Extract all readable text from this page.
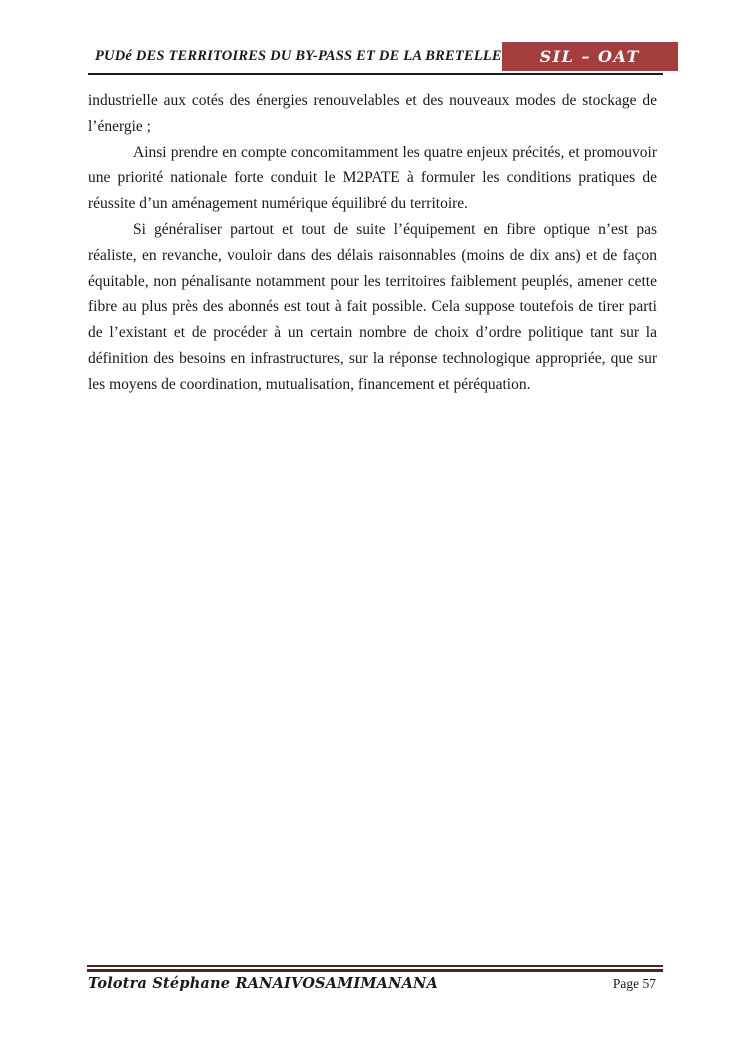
PUDé DES TERRITOIRES DU BY-PASS ET DE LA BRETELLE	SIL – OAT

industrielle aux cotés des énergies renouvelables et des nouveaux modes de stockage de l’énergie ;

Ainsi prendre en compte concomitamment les quatre enjeux précités, et promouvoir une priorité nationale forte conduit le M2PATE à formuler les conditions pratiques de réussite d’un aménagement numérique équilibré du territoire.

Si généraliser partout et tout de suite l’équipement en fibre optique n’est pas réaliste, en revanche, vouloir dans des délais raisonnables (moins de dix ans) et de façon équitable, non pénalisante notamment pour les territoires faiblement peuplés, amener cette fibre au plus près des abonnés est tout à fait possible. Cela suppose toutefois de tirer parti de l’existant et de procéder à un certain nombre de choix d’ordre politique tant sur la définition des besoins en infrastructures, sur la réponse technologique appropriée, que sur les moyens de coordination, mutualisation, financement et péréquation.

Tolotra Stéphane RANAIVOSAMIMANANA	Page 57
